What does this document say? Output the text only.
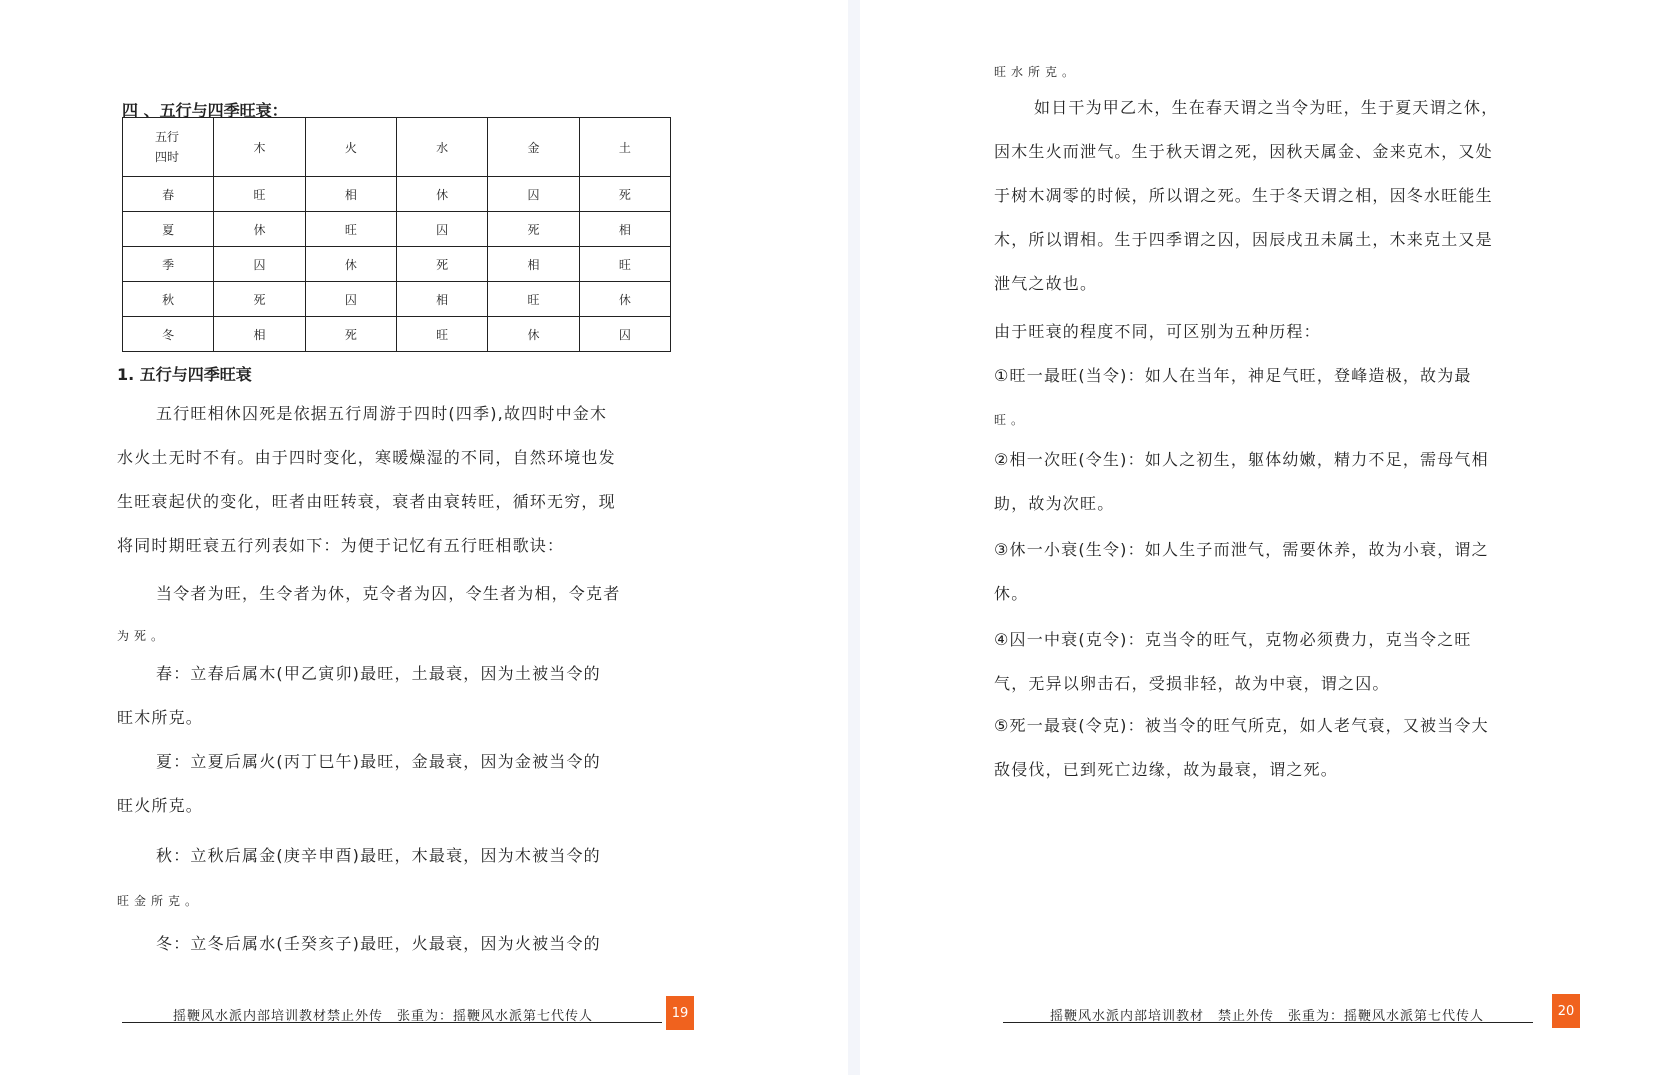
四 、五行与四季旺衰：
五行
四时	木	火	水	金	土
春	旺	相	休	囚	死
夏	休	旺	囚	死	相
季	囚	休	死	相	旺
秋	死	囚	相	旺	休
冬	相	死	旺	休	囚
1. 五行与四季旺衰
五行旺相休囚死是依据五行周游于四时(四季),故四时中金木
水火土无时不有。由于四时变化，寒暖燥湿的不同，自然环境也发
生旺衰起伏的变化，旺者由旺转衰，衰者由衰转旺，循环无穷，现
将同时期旺衰五行列表如下：为便于记忆有五行旺相歌诀：
当令者为旺，生令者为休，克令者为囚，令生者为相，令克者
为死。
春：立春后属木(甲乙寅卯)最旺，土最衰，因为土被当令的
旺木所克。
夏：立夏后属火(丙丁巳午)最旺，金最衰，因为金被当令的
旺火所克。
秋：立秋后属金(庚辛申酉)最旺，木最衰，因为木被当令的
旺金所克。
冬：立冬后属水(壬癸亥子)最旺，火最衰，因为火被当令的
摇鞭风水派内部培训教材禁止外传　张重为：摇鞭风水派第七代传人	19
旺水所克。
如日干为甲乙木，生在春天谓之当令为旺，生于夏天谓之休，
因木生火而泄气。生于秋天谓之死，因秋天属金、金来克木，又处
于树木凋零的时候，所以谓之死。生于冬天谓之相，因冬水旺能生
木，所以谓相。生于四季谓之囚，因辰戌丑未属土，木来克土又是
泄气之故也。
由于旺衰的程度不同，可区别为五种历程：
①旺一最旺(当令)：如人在当年，神足气旺，登峰造极，故为最
旺。
②相一次旺(令生)：如人之初生，躯体幼嫩，精力不足，需母气相
助，故为次旺。
③休一小衰(生令)：如人生子而泄气，需要休养，故为小衰，谓之
休。
④囚一中衰(克令)：克当令的旺气，克物必须费力，克当令之旺
气，无异以卵击石，受损非轻，故为中衰，谓之囚。
⑤死一最衰(令克)：被当令的旺气所克，如人老气衰，又被当令大
敌侵伐，已到死亡边缘，故为最衰，谓之死。
摇鞭风水派内部培训教材　禁止外传　张重为：摇鞭风水派第七代传人	20
